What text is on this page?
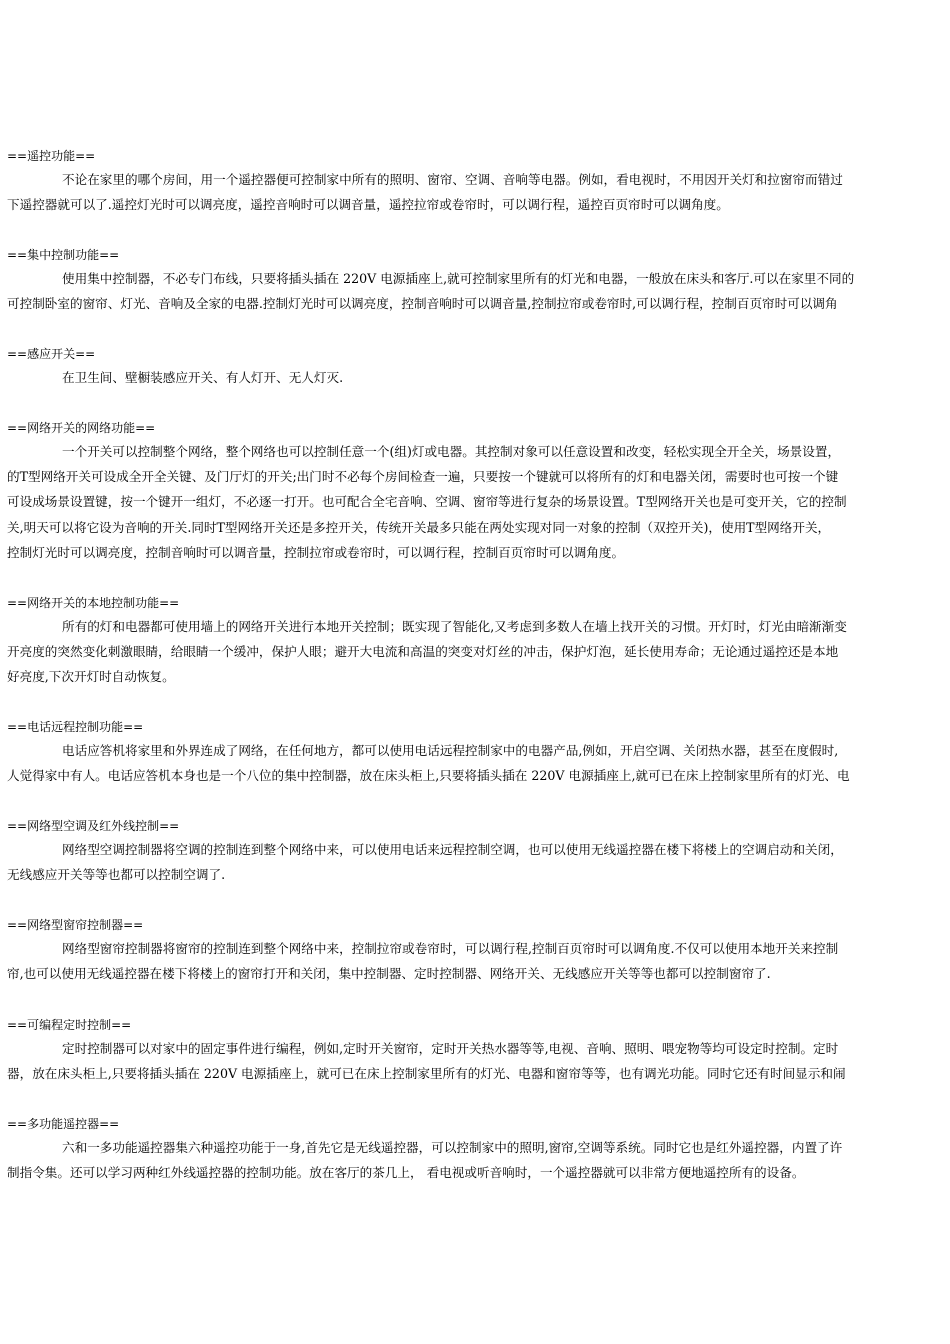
==遥控功能==
不论在家里的哪个房间，用一个遥控器便可控制家中所有的照明、窗帘、空调、音响等电器。例如，看电视时，不用因开关灯和拉窗帘而错过
下遥控器就可以了.遥控灯光时可以调亮度，遥控音响时可以调音量，遥控拉帘或卷帘时，可以调行程，遥控百页帘时可以调角度。
==集中控制功能==
使用集中控制器，不必专门布线，只要将插头插在 220V 电源插座上,就可控制家里所有的灯光和电器，一般放在床头和客厅.可以在家里不同的
可控制卧室的窗帘、灯光、音响及全家的电器.控制灯光时可以调亮度，控制音响时可以调音量,控制拉帘或卷帘时,可以调行程，控制百页帘时可以调角
==感应开关==
在卫生间、壁橱装感应开关、有人灯开、无人灯灭.
==网络开关的网络功能==
一个开关可以控制整个网络，整个网络也可以控制任意一个(组)灯或电器。其控制对象可以任意设置和改变，轻松实现全开全关，场景设置，
的T型网络开关可设成全开全关键、及门厅灯的开关;出门时不必每个房间检查一遍，只要按一个键就可以将所有的灯和电器关闭，需要时也可按一个键
可设成场景设置键，按一个键开一组灯，不必逐一打开。也可配合全宅音响、空调、窗帘等进行复杂的场景设置。T型网络开关也是可变开关，它的控制
关,明天可以将它设为音响的开关.同时T型网络开关还是多控开关，传统开关最多只能在两处实现对同一对象的控制（双控开关)，使用T型网络开关，
控制灯光时可以调亮度，控制音响时可以调音量，控制拉帘或卷帘时，可以调行程，控制百页帘时可以调角度。
==网络开关的本地控制功能==
所有的灯和电器都可使用墙上的网络开关进行本地开关控制；既实现了智能化,又考虑到多数人在墙上找开关的习惯。开灯时，灯光由暗渐渐变
开亮度的突然变化刺激眼睛，给眼睛一个缓冲，保护人眼；避开大电流和高温的突变对灯丝的冲击，保护灯泡，延长使用寿命；无论通过遥控还是本地
好亮度,下次开灯时自动恢复。
==电话远程控制功能==
电话应答机将家里和外界连成了网络，在任何地方，都可以使用电话远程控制家中的电器产品,例如，开启空调、关闭热水器，甚至在度假时,
人觉得家中有人。电话应答机本身也是一个八位的集中控制器，放在床头柜上,只要将插头插在 220V 电源插座上,就可已在床上控制家里所有的灯光、电
==网络型空调及红外线控制==
网络型空调控制器将空调的控制连到整个网络中来，可以使用电话来远程控制空调，也可以使用无线遥控器在楼下将楼上的空调启动和关闭，
无线感应开关等等也都可以控制空调了.
==网络型窗帘控制器==
网络型窗帘控制器将窗帘的控制连到整个网络中来，控制拉帘或卷帘时，可以调行程,控制百页帘时可以调角度.不仅可以使用本地开关来控制
帘,也可以使用无线遥控器在楼下将楼上的窗帘打开和关闭，集中控制器、定时控制器、网络开关、无线感应开关等等也都可以控制窗帘了.
==可编程定时控制==
定时控制器可以对家中的固定事件进行编程，例如,定时开关窗帘，定时开关热水器等等,电视、音响、照明、喂宠物等均可设定时控制。定时
器，放在床头柜上,只要将插头插在 220V 电源插座上，就可已在床上控制家里所有的灯光、电器和窗帘等等，也有调光功能。同时它还有时间显示和闹
==多功能遥控器==
六和一多功能遥控器集六种遥控功能于一身,首先它是无线遥控器，可以控制家中的照明,窗帘,空调等系统。同时它也是红外遥控器，内置了许
制指令集。还可以学习两种红外线遥控器的控制功能。放在客厅的茶几上， 看电视或听音响时，一个遥控器就可以非常方便地遥控所有的设备。
